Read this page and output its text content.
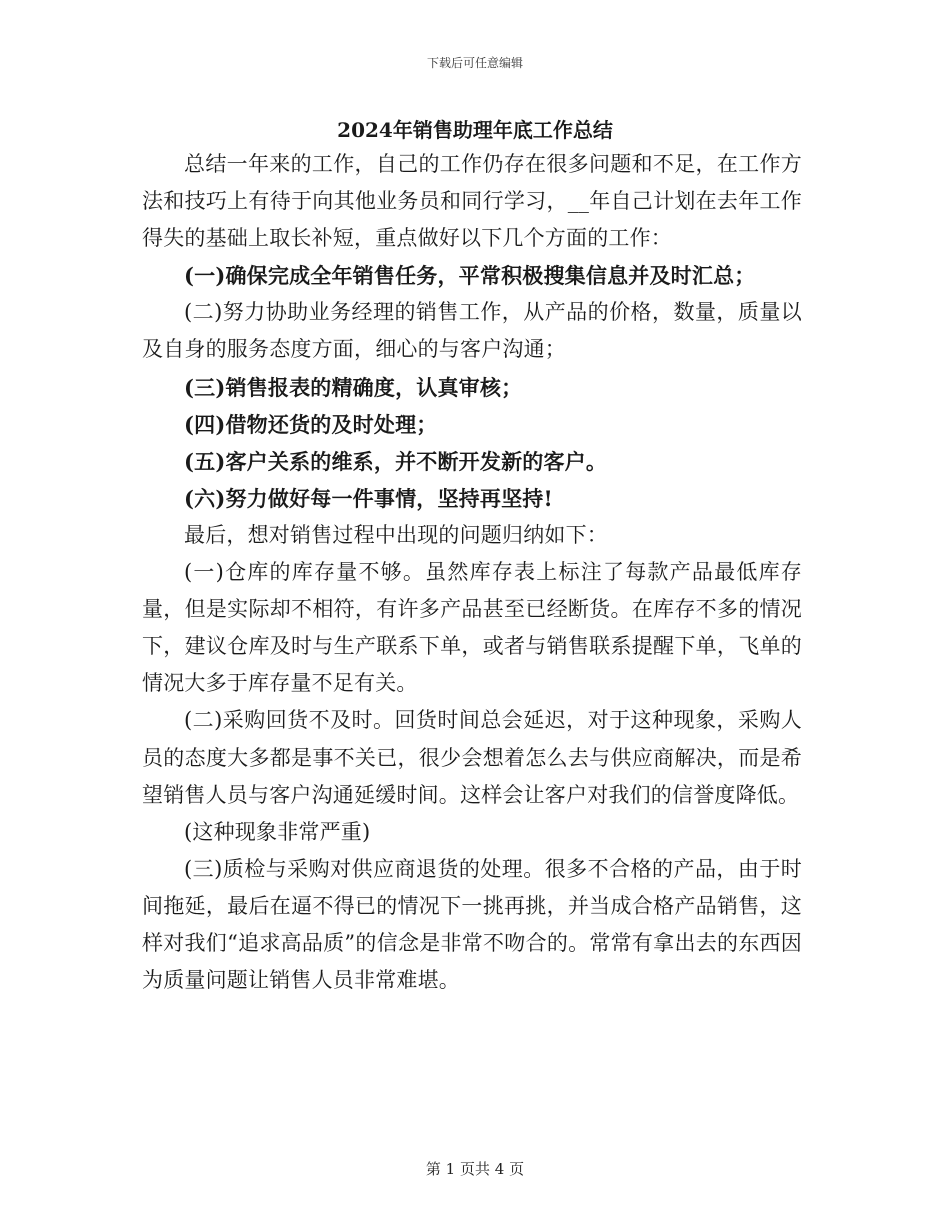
下载后可任意编辑
2024年销售助理年底工作总结

总结一年来的工作，自己的工作仍存在很多问题和不足，在工作方法和技巧上有待于向其他业务员和同行学习，__年自己计划在去年工作得失的基础上取长补短，重点做好以下几个方面的工作：

(一)确保完成全年销售任务，平常积极搜集信息并及时汇总；

(二)努力协助业务经理的销售工作，从产品的价格，数量，质量以及自身的服务态度方面，细心的与客户沟通；

(三)销售报表的精确度，认真审核；

(四)借物还货的及时处理；

(五)客户关系的维系，并不断开发新的客户。

(六)努力做好每一件事情，坚持再坚持!

最后，想对销售过程中出现的问题归纳如下：

(一)仓库的库存量不够。虽然库存表上标注了每款产品最低库存量，但是实际却不相符，有许多产品甚至已经断货。在库存不多的情况下，建议仓库及时与生产联系下单，或者与销售联系提醒下单，飞单的情况大多于库存量不足有关。

(二)采购回货不及时。回货时间总会延迟，对于这种现象，采购人员的态度大多都是事不关已，很少会想着怎么去与供应商解决，而是希望销售人员与客户沟通延缓时间。这样会让客户对我们的信誉度降低。

(这种现象非常严重)

(三)质检与采购对供应商退货的处理。很多不合格的产品，由于时间拖延，最后在逼不得已的情况下一挑再挑，并当成合格产品销售，这样对我们“追求高品质”的信念是非常不吻合的。常常有拿出去的东西因为质量问题让销售人员非常难堪。

第 1 页共 4 页
